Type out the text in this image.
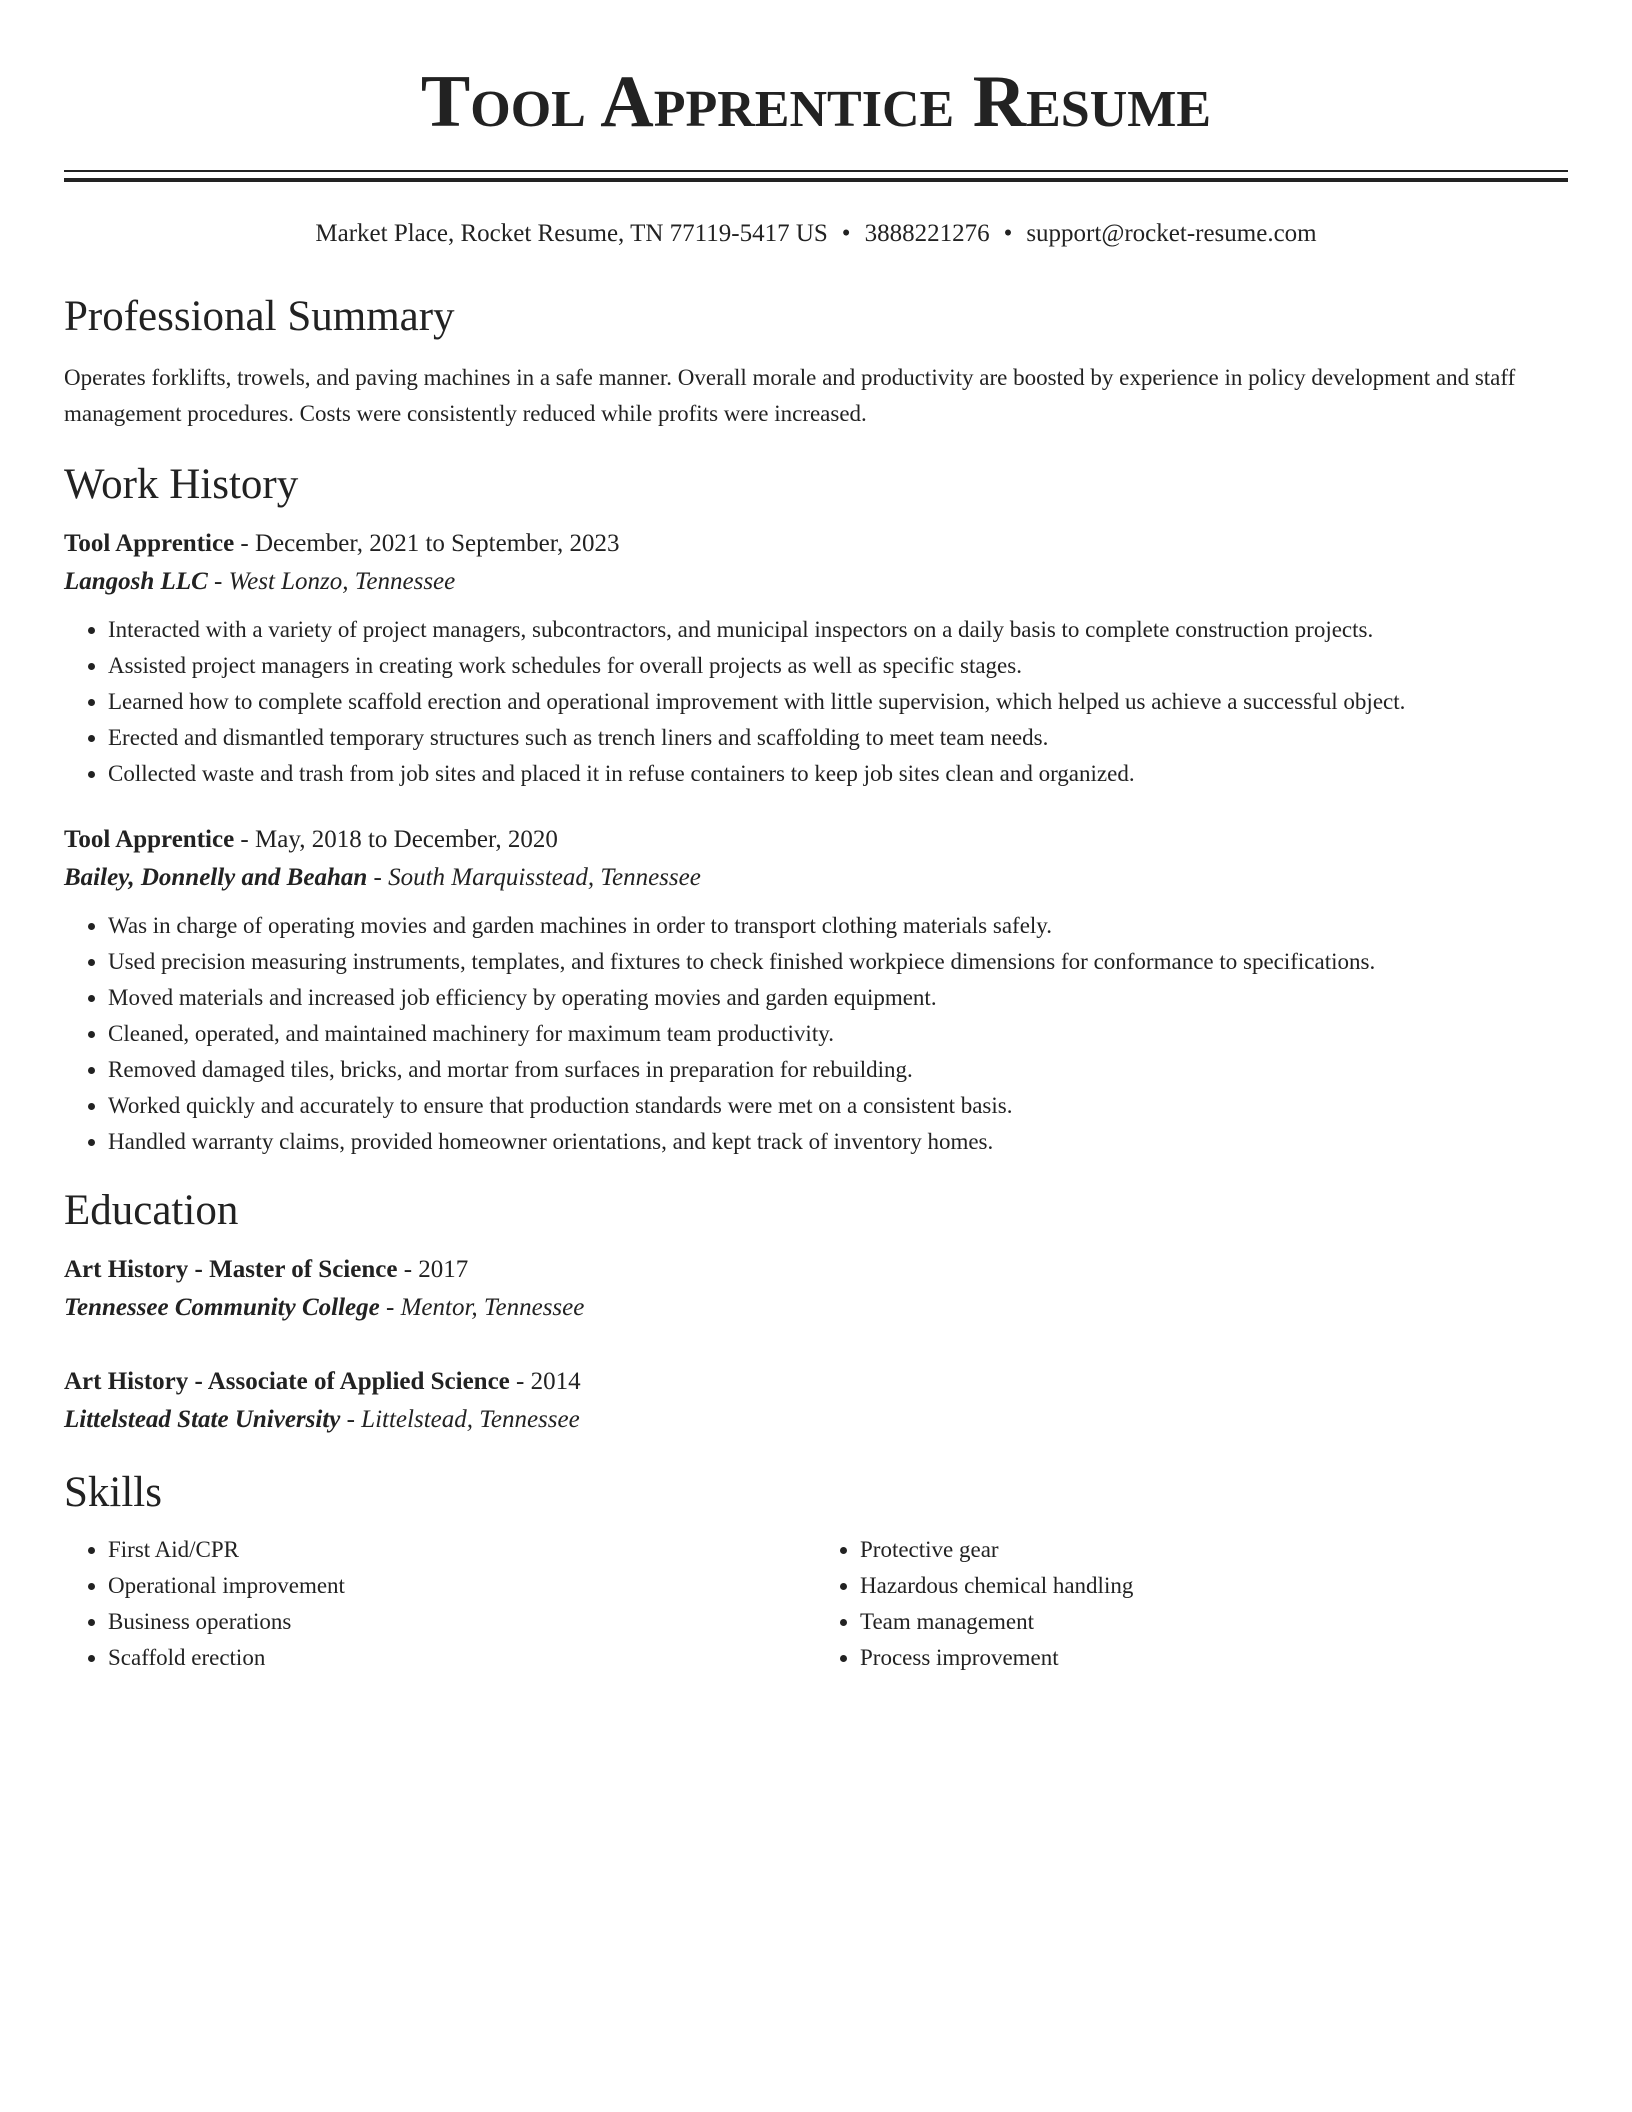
Tool Apprentice Resume
Market Place, Rocket Resume, TN 77119-5417 US • 3888221276 • support@rocket-resume.com
Professional Summary

Operates forklifts, trowels, and paving machines in a safe manner. Overall morale and productivity are boosted by experience in policy development and staff management procedures. Costs were consistently reduced while profits were increased.

Work History
Tool Apprentice - December, 2021 to September, 2023
Langosh LLC - West Lonzo, Tennessee
• Interacted with a variety of project managers, subcontractors, and municipal inspectors on a daily basis to complete construction projects.
• Assisted project managers in creating work schedules for overall projects as well as specific stages.
• Learned how to complete scaffold erection and operational improvement with little supervision, which helped us achieve a successful object.
• Erected and dismantled temporary structures such as trench liners and scaffolding to meet team needs.
• Collected waste and trash from job sites and placed it in refuse containers to keep job sites clean and organized.
Tool Apprentice - May, 2018 to December, 2020
Bailey, Donnelly and Beahan - South Marquisstead, Tennessee
• Was in charge of operating movies and garden machines in order to transport clothing materials safely.
• Used precision measuring instruments, templates, and fixtures to check finished workpiece dimensions for conformance to specifications.
• Moved materials and increased job efficiency by operating movies and garden equipment.
• Cleaned, operated, and maintained machinery for maximum team productivity.
• Removed damaged tiles, bricks, and mortar from surfaces in preparation for rebuilding.
• Worked quickly and accurately to ensure that production standards were met on a consistent basis.
• Handled warranty claims, provided homeowner orientations, and kept track of inventory homes.
Education
Art History - Master of Science - 2017
Tennessee Community College - Mentor, Tennessee
Art History - Associate of Applied Science - 2014
Littelstead State University - Littelstead, Tennessee
Skills
• First Aid/CPR
• Operational improvement
• Business operations
• Scaffold erection
• Protective gear
• Hazardous chemical handling
• Team management
• Process improvement
